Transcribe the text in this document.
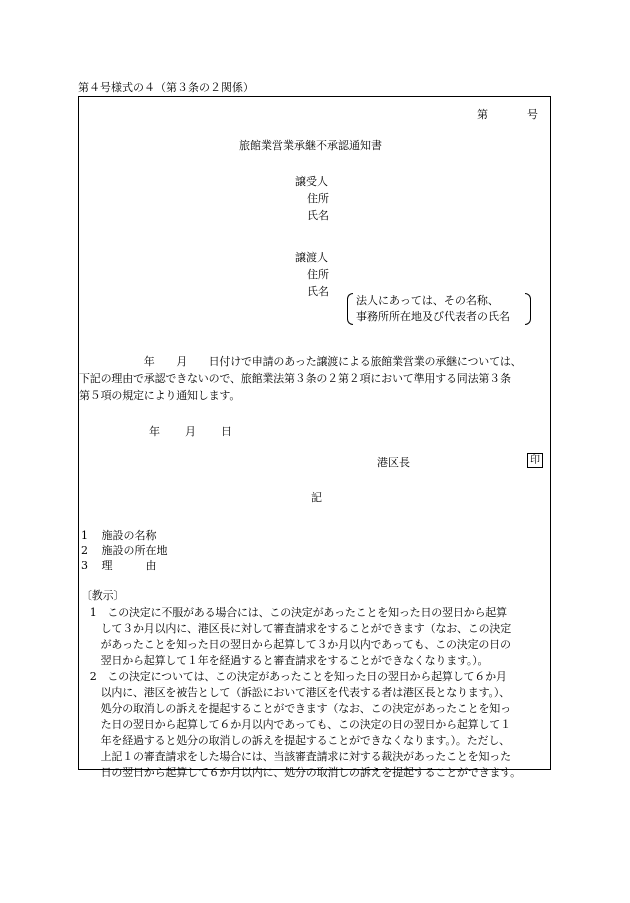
第４号様式の４（第３条の２関係）
第	号
旅館業営業承継不承認通知書
譲受人
住所
氏名
譲渡人
住所
氏名
法人にあっては、その名称、
事務所所在地及び代表者の氏名
　　　　　　年　　月　　日付けで申請のあった譲渡による旅館業営業の承継については、
下記の理由で承認できないので、旅館業法第３条の２第２項において準用する同法第３条
第５項の規定により通知します。
年 月 日
港区長	印
記
1 施設の名称
2 施設の所在地
3 理　　　由
〔教示〕
　1　この決定に不服がある場合には、この決定があったことを知った日の翌日から起算
　　して３か月以内に、港区長に対して審査請求をすることができます（なお、この決定
　　があったことを知った日の翌日から起算して３か月以内であっても、この決定の日の
　　翌日から起算して１年を経過すると審査請求をすることができなくなります。）。
　2　この決定については、この決定があったことを知った日の翌日から起算して６か月
　　以内に、港区を被告として（訴訟において港区を代表する者は港区長となります。）、
　　処分の取消しの訴えを提起することができます（なお、この決定があったことを知っ
　　た日の翌日から起算して６か月以内であっても、この決定の日の翌日から起算して１
　　年を経過すると処分の取消しの訴えを提起することができなくなります。）。ただし、
　　上記１の審査請求をした場合には、当該審査請求に対する裁決があったことを知った
　　日の翌日から起算して６か月以内に、処分の取消しの訴えを提起することができます。
